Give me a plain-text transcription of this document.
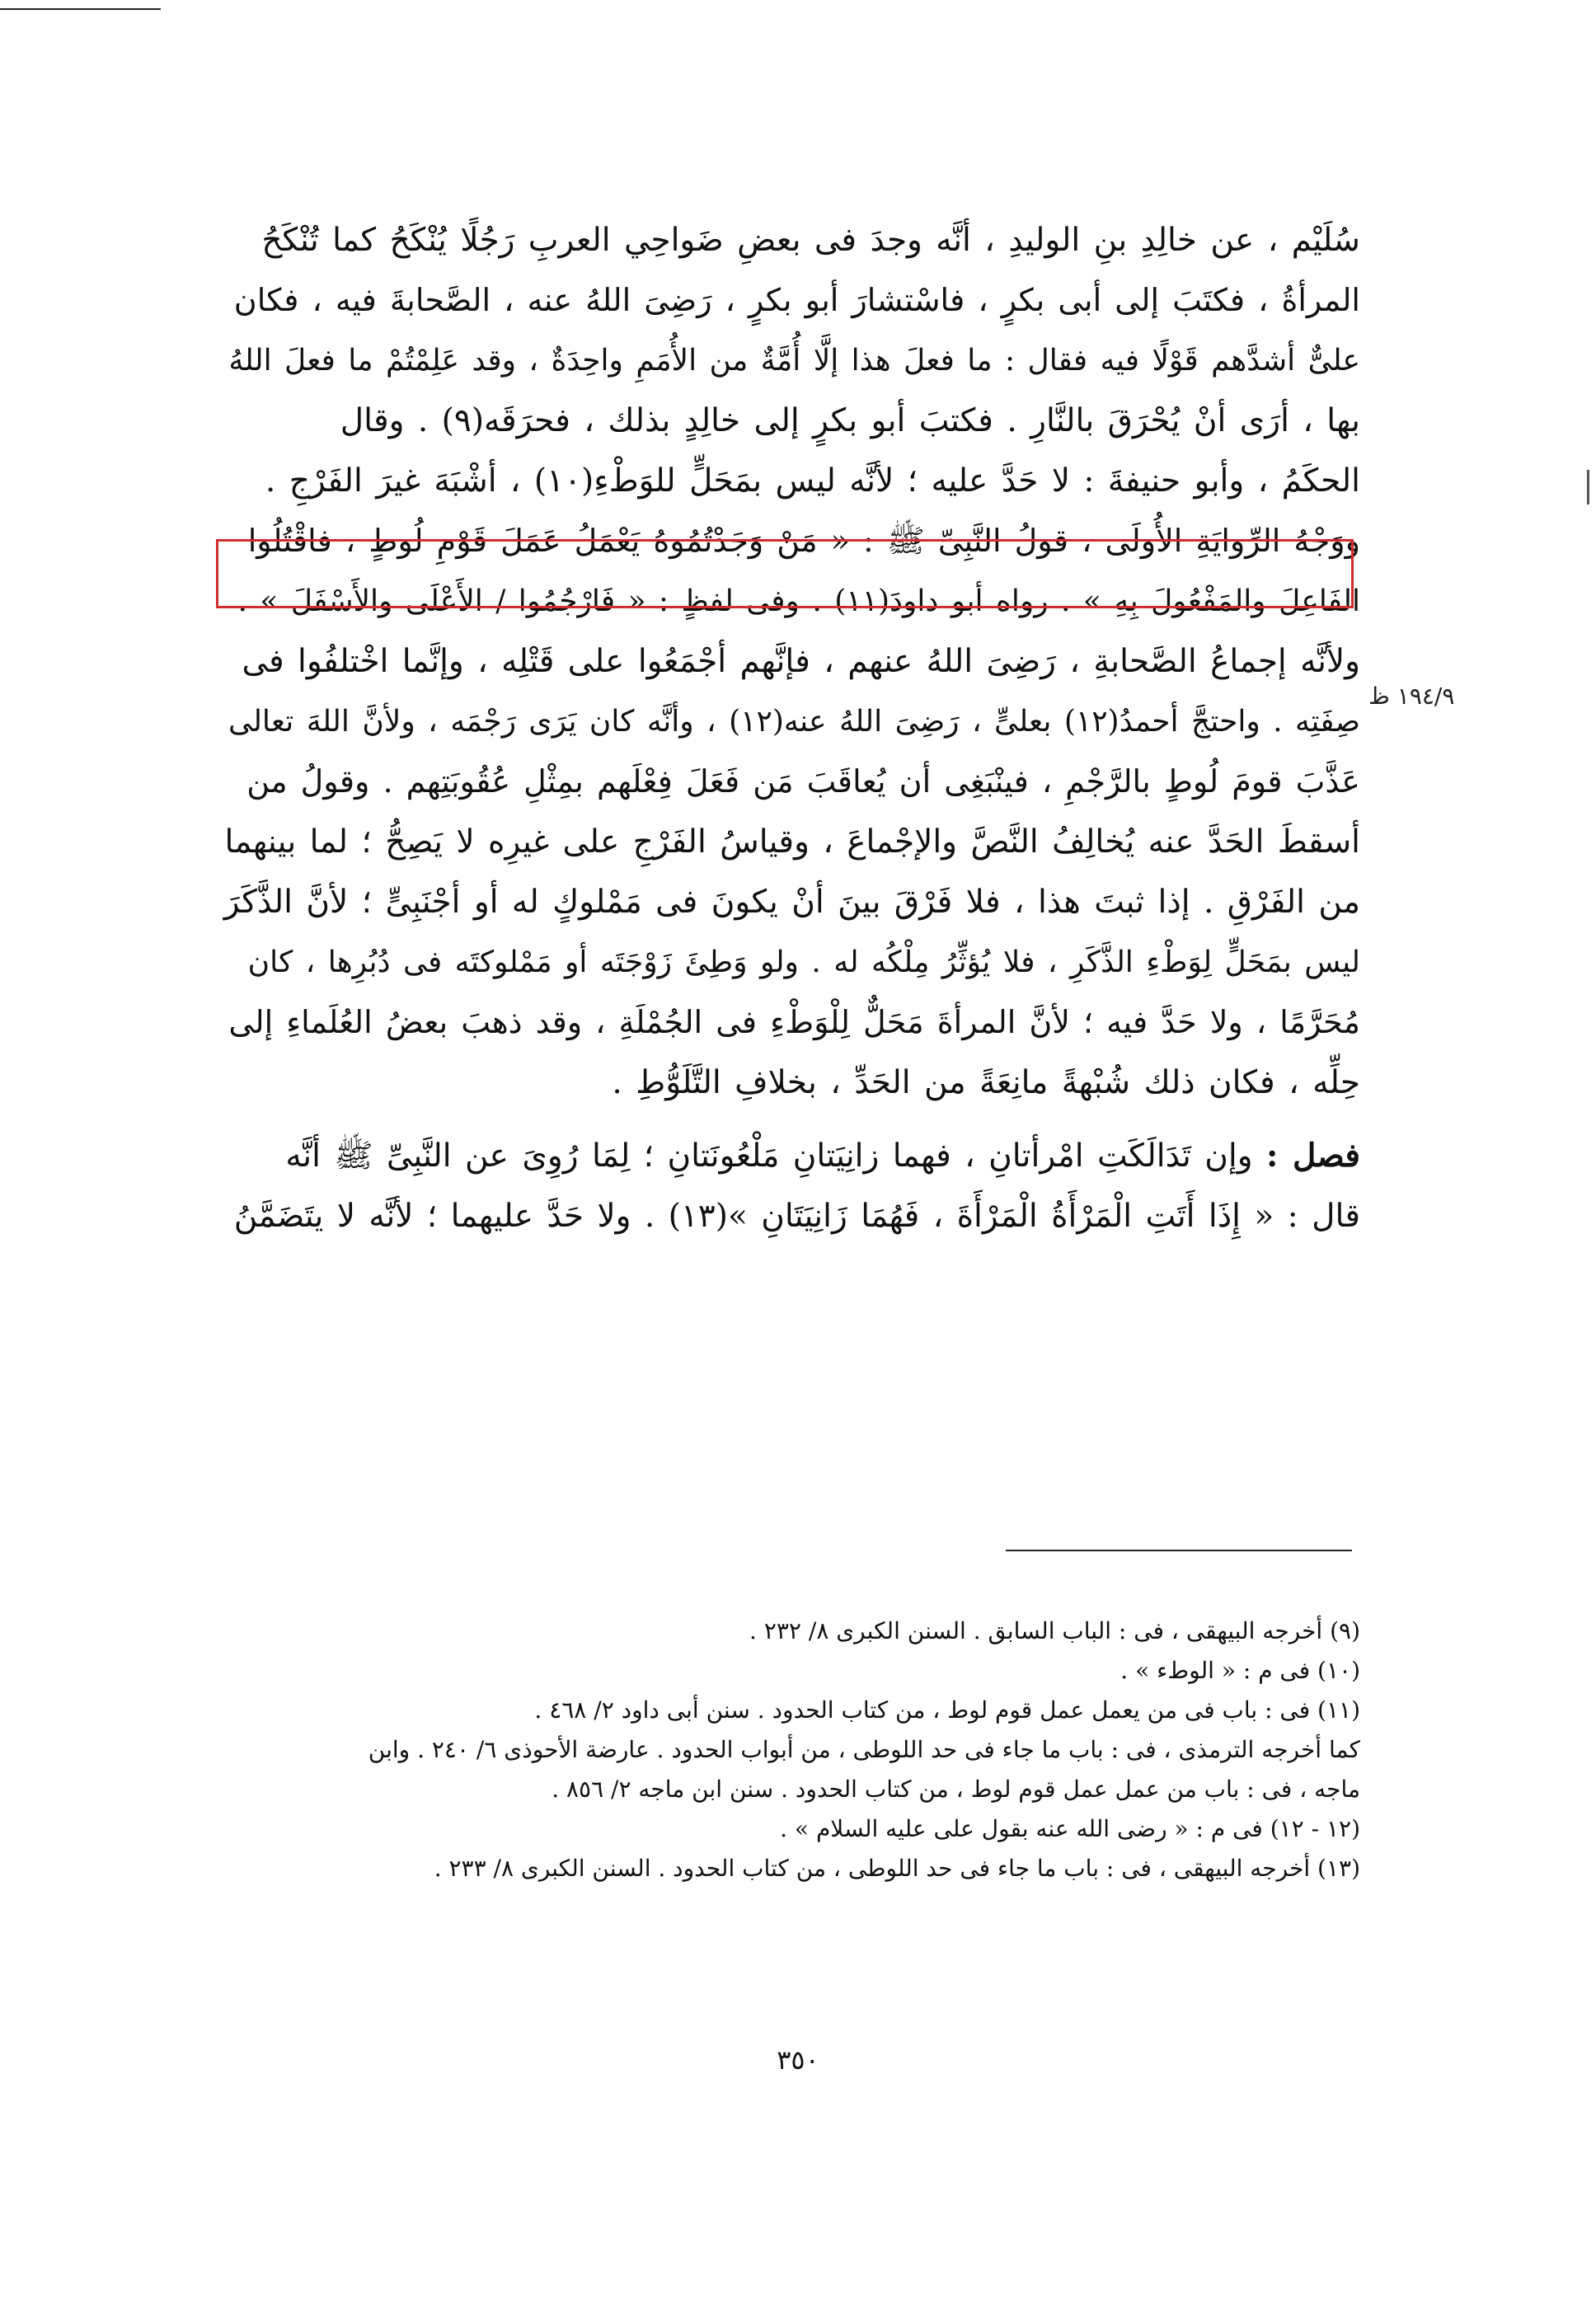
سُلَيْم ، عن خالِدِ بنِ الوليدِ ، أنَّه وجدَ فى بعضِ ضَواحِي العربِ رَجُلًا يُنْكَحُ كما تُنْكَحُ
المرأةُ ، فكتَبَ إلى أبى بكرٍ ، فاسْتشارَ أبو بكرٍ ، رَضِىَ اللهُ عنه ، الصَّحابةَ فيه ، فكان
علىٌّ أشدَّهم قَوْلًا فيه فقال : ما فعلَ هذا إلَّا أُمَّةٌ من الأُمَمِ واحِدَةٌ ، وقد عَلِمْتُمْ ما فعلَ اللهُ
بها ، أرَى أنْ يُحْرَقَ بالنَّارِ . فكتبَ أبو بكرٍ إلى خالِدٍ بذلك ، فحرَقَه(٩) . وقال
الحكَمُ ، وأبو حنيفةَ : لا حَدَّ عليه ؛ لأنَّه ليس بمَحَلٍّ للوَطْءِ(١٠) ، أشْبَهَ غيرَ الفَرْجِ .
ووَجْهُ الرِّوايَةِ الأُولَى ، قولُ النَّبِىِّ ﷺ : « مَنْ وَجَدْتُمُوهُ يَعْمَلُ عَمَلَ قَوْمِ لُوطٍ ، فاقْتُلُوا
الفَاعِلَ والمَفْعُولَ بِهِ » . رواه أبو داودَ(١١) . وفى لفظٍ : « فَارْجُمُوا / الأَعْلَى والأَسْفَلَ » .
ولأنَّه إجماعُ الصَّحابةِ ، رَضِىَ اللهُ عنهم ، فإنَّهم أجْمَعُوا على قَتْلِه ، وإنَّما اخْتلفُوا فى
صِفَتِه . واحتجَّ أحمدُ(١٢) بعلىٍّ ، رَضِىَ اللهُ عنه(١٢) ، وأنَّه كان يَرَى رَجْمَه ، ولأنَّ اللهَ تعالى
عَذَّبَ قومَ لُوطٍ بالرَّجْمِ ، فينْبَغِى أن يُعاقَبَ مَن فَعَلَ فِعْلَهم بمِثْلِ عُقُوبَتِهم . وقولُ من
أسقطَ الحَدَّ عنه يُخالِفُ النَّصَّ والإجْماعَ ، وقياسُ الفَرْجِ على غيرِه لا يَصِحُّ ؛ لما بينهما
من الفَرْقِ . إذا ثبتَ هذا ، فلا فَرْقَ بينَ أنْ يكونَ فى مَمْلوكٍ له أو أجْنَبِىٍّ ؛ لأنَّ الذَّكَرَ
ليس بمَحَلٍّ لِوَطْءِ الذَّكَرِ ، فلا يُؤثِّرُ مِلْكُه له . ولو وَطِئَ زَوْجَتَه أو مَمْلوكتَه فى دُبُرِها ، كان
مُحَرَّمًا ، ولا حَدَّ فيه ؛ لأنَّ المرأةَ مَحَلٌّ لِلْوَطْءِ فى الجُمْلَةِ ، وقد ذهبَ بعضُ العُلَماءِ إلى
حِلِّه ، فكان ذلك شُبْهةً مانِعَةً من الحَدِّ ، بخلافِ التَّلَوُّطِ .
فصل : وإن تَدَالَكَتِ امْرأتانِ ، فهما زانِيَتانِ مَلْعُونَتانِ ؛ لِمَا رُوِىَ عن النَّبِىِّ ﷺ أنَّه
قال : « إِذَا أَتَتِ الْمَرْأَةُ الْمَرْأَةَ ، فَهُمَا زَانِيَتَانِ »(١٣) . ولا حَدَّ عليهما ؛ لأنَّه لا يتَضَمَّنُ
١٩٤/٩ ظ
(٩) أخرجه البيهقى ، فى : الباب السابق . السنن الكبرى ٨/ ٢٣٢ .
(١٠) فى م : « الوطء » .
(١١) فى : باب فى من يعمل عمل قوم لوط ، من كتاب الحدود . سنن أبى داود ٢/ ٤٦٨ .
كما أخرجه الترمذى ، فى : باب ما جاء فى حد اللوطى ، من أبواب الحدود . عارضة الأحوذى ٦/ ٢٤٠ . وابن
ماجه ، فى : باب من عمل عمل قوم لوط ، من كتاب الحدود . سنن ابن ماجه ٢/ ٨٥٦ .
(١٢ - ١٢) فى م : « رضى الله عنه بقول على عليه السلام » .
(١٣) أخرجه البيهقى ، فى : باب ما جاء فى حد اللوطى ، من كتاب الحدود . السنن الكبرى ٨/ ٢٣٣ .
٣٥٠
